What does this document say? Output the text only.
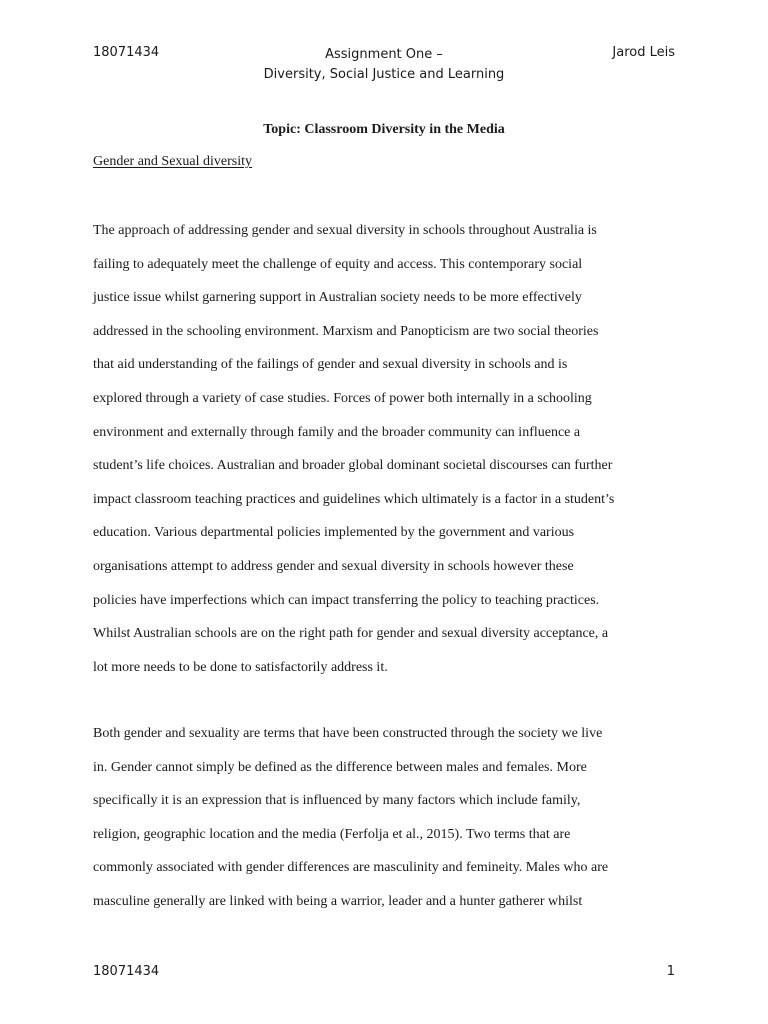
18071434	Assignment One –
Diversity, Social Justice and Learning
Jarod Leis
Topic: Classroom Diversity in the Media
Gender and Sexual diversity
The approach of addressing gender and sexual diversity in schools throughout Australia is
failing to adequately meet the challenge of equity and access. This contemporary social
justice issue whilst garnering support in Australian society needs to be more effectively
addressed in the schooling environment. Marxism and Panopticism are two social theories
that aid understanding of the failings of gender and sexual diversity in schools and is
explored through a variety of case studies. Forces of power both internally in a schooling
environment and externally through family and the broader community can influence a
student’s life choices. Australian and broader global dominant societal discourses can further
impact classroom teaching practices and guidelines which ultimately is a factor in a student’s
education. Various departmental policies implemented by the government and various
organisations attempt to address gender and sexual diversity in schools however these
policies have imperfections which can impact transferring the policy to teaching practices.
Whilst Australian schools are on the right path for gender and sexual diversity acceptance, a
lot more needs to be done to satisfactorily address it.
Both gender and sexuality are terms that have been constructed through the society we live
in. Gender cannot simply be defined as the difference between males and females. More
specifically it is an expression that is influenced by many factors which include family,
religion, geographic location and the media (Ferfolja et al., 2015). Two terms that are
commonly associated with gender differences are masculinity and femineity. Males who are
masculine generally are linked with being a warrior, leader and a hunter gatherer whilst
18071434	1
